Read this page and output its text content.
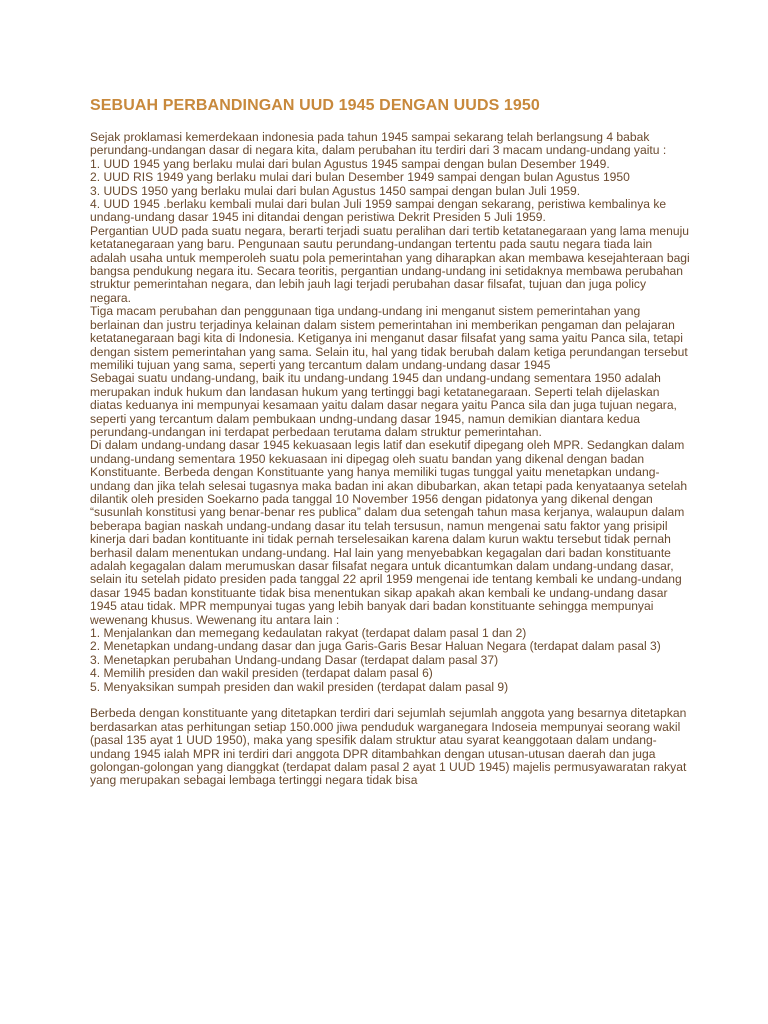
SEBUAH PERBANDINGAN UUD 1945 DENGAN UUDS 1950

Sejak proklamasi kemerdekaan indonesia pada tahun 1945 sampai sekarang telah berlangsung 4 babak perundang-undangan dasar di negara kita, dalam perubahan itu terdiri dari 3 macam undang-undang yaitu :

1. UUD 1945 yang berlaku mulai dari bulan Agustus 1945 sampai dengan bulan Desember 1949.
2. UUD RIS 1949 yang berlaku mulai dari bulan Desember 1949 sampai dengan bulan Agustus 1950
3. UUDS 1950 yang berlaku mulai dari bulan Agustus 1450 sampai dengan bulan Juli 1959.
4. UUD 1945 .berlaku kembali mulai dari bulan Juli 1959 sampai dengan sekarang, peristiwa kembalinya ke undang-undang dasar 1945 ini ditandai dengan peristiwa Dekrit Presiden 5 Juli 1959.

Pergantian UUD pada suatu negara, berarti terjadi suatu peralihan dari tertib ketatanegaraan yang lama menuju ketatanegaraan yang baru. Pengunaan sautu perundang-undangan tertentu pada sautu negara tiada lain adalah usaha untuk memperoleh suatu pola pemerintahan yang diharapkan akan membawa kesejahteraan bagi bangsa pendukung negara itu. Secara teoritis, pergantian undang-undang ini setidaknya membawa perubahan struktur pemerintahan negara, dan lebih jauh lagi terjadi perubahan dasar filsafat, tujuan dan juga policy negara.

Tiga macam perubahan dan penggunaan tiga undang-undang ini menganut sistem pemerintahan yang berlainan dan justru terjadinya kelainan dalam sistem pemerintahan ini memberikan pengaman dan pelajaran ketatanegaraan bagi kita di Indonesia. Ketiganya ini menganut dasar filsafat yang sama yaitu Panca sila, tetapi dengan sistem pemerintahan yang sama. Selain itu, hal yang tidak berubah dalam ketiga perundangan tersebut memiliki tujuan yang sama, seperti yang tercantum dalam undang-undang dasar 1945

Sebagai suatu undang-undang, baik itu undang-undang 1945 dan undang-undang sementara 1950 adalah merupakan induk hukum dan landasan hukum yang tertinggi bagi ketatanegaraan. Seperti telah dijelaskan diatas keduanya ini mempunyai kesamaan yaitu dalam dasar negara yaitu Panca sila dan juga tujuan negara, seperti yang tercantum dalam pembukaan undng-undang dasar 1945, namun demikian diantara kedua perundang-undangan ini terdapat perbedaan terutama dalam struktur pemerintahan.

Di dalam undang-undang dasar 1945 kekuasaan legis latif dan esekutif dipegang oleh MPR. Sedangkan dalam undang-undang sementara 1950 kekuasaan ini dipegag oleh suatu bandan yang dikenal dengan badan Konstituante. Berbeda dengan Konstituante yang hanya memiliki tugas tunggal yaitu menetapkan undang-undang dan jika telah selesai tugasnya maka badan ini akan dibubarkan, akan tetapi pada kenyataanya setelah dilantik oleh presiden Soekarno pada tanggal 10 November 1956 dengan pidatonya yang dikenal dengan “susunlah konstitusi yang benar-benar res publica” dalam dua setengah tahun masa kerjanya, walaupun dalam beberapa bagian naskah undang-undang dasar itu telah tersusun, namun mengenai satu faktor yang prisipil kinerja dari badan kontituante ini tidak pernah terselesaikan karena dalam kurun waktu tersebut tidak pernah berhasil dalam menentukan undang-undang. Hal lain yang menyebabkan kegagalan dari badan konstituante adalah kegagalan dalam merumuskan dasar filsafat negara untuk dicantumkan dalam undang-undang dasar, selain itu setelah pidato presiden pada tanggal 22 april 1959 mengenai ide tentang kembali ke undang-undang dasar 1945 badan konstituante tidak bisa menentukan sikap apakah akan kembali ke undang-undang dasar 1945 atau tidak. MPR mempunyai tugas yang lebih banyak dari badan konstituante sehingga mempunyai wewenang khusus. Wewenang itu antara lain :

1. Menjalankan dan memegang kedaulatan rakyat (terdapat dalam pasal 1 dan 2)
2. Menetapkan undang-undang dasar dan juga Garis-Garis Besar Haluan Negara (terdapat dalam pasal 3)
3. Menetapkan perubahan Undang-undang Dasar (terdapat dalam pasal 37)
4. Memilih presiden dan wakil presiden (terdapat dalam pasal 6)
5. Menyaksikan sumpah presiden dan wakil presiden (terdapat dalam pasal 9)

Berbeda dengan konstituante yang ditetapkan terdiri dari sejumlah sejumlah anggota yang besarnya ditetapkan berdasarkan atas perhitungan setiap 150.000 jiwa penduduk warganegara Indoseia mempunyai seorang wakil (pasal 135 ayat 1 UUD 1950), maka yang spesifik dalam struktur atau syarat keanggotaan dalam undang-undang 1945 ialah MPR ini terdiri dari anggota DPR ditambahkan dengan utusan-utusan daerah dan juga golongan-golongan yang dianggkat (terdapat dalam pasal 2 ayat 1 UUD 1945) majelis permusyawaratan rakyat yang merupakan sebagai lembaga tertinggi negara tidak bisa
